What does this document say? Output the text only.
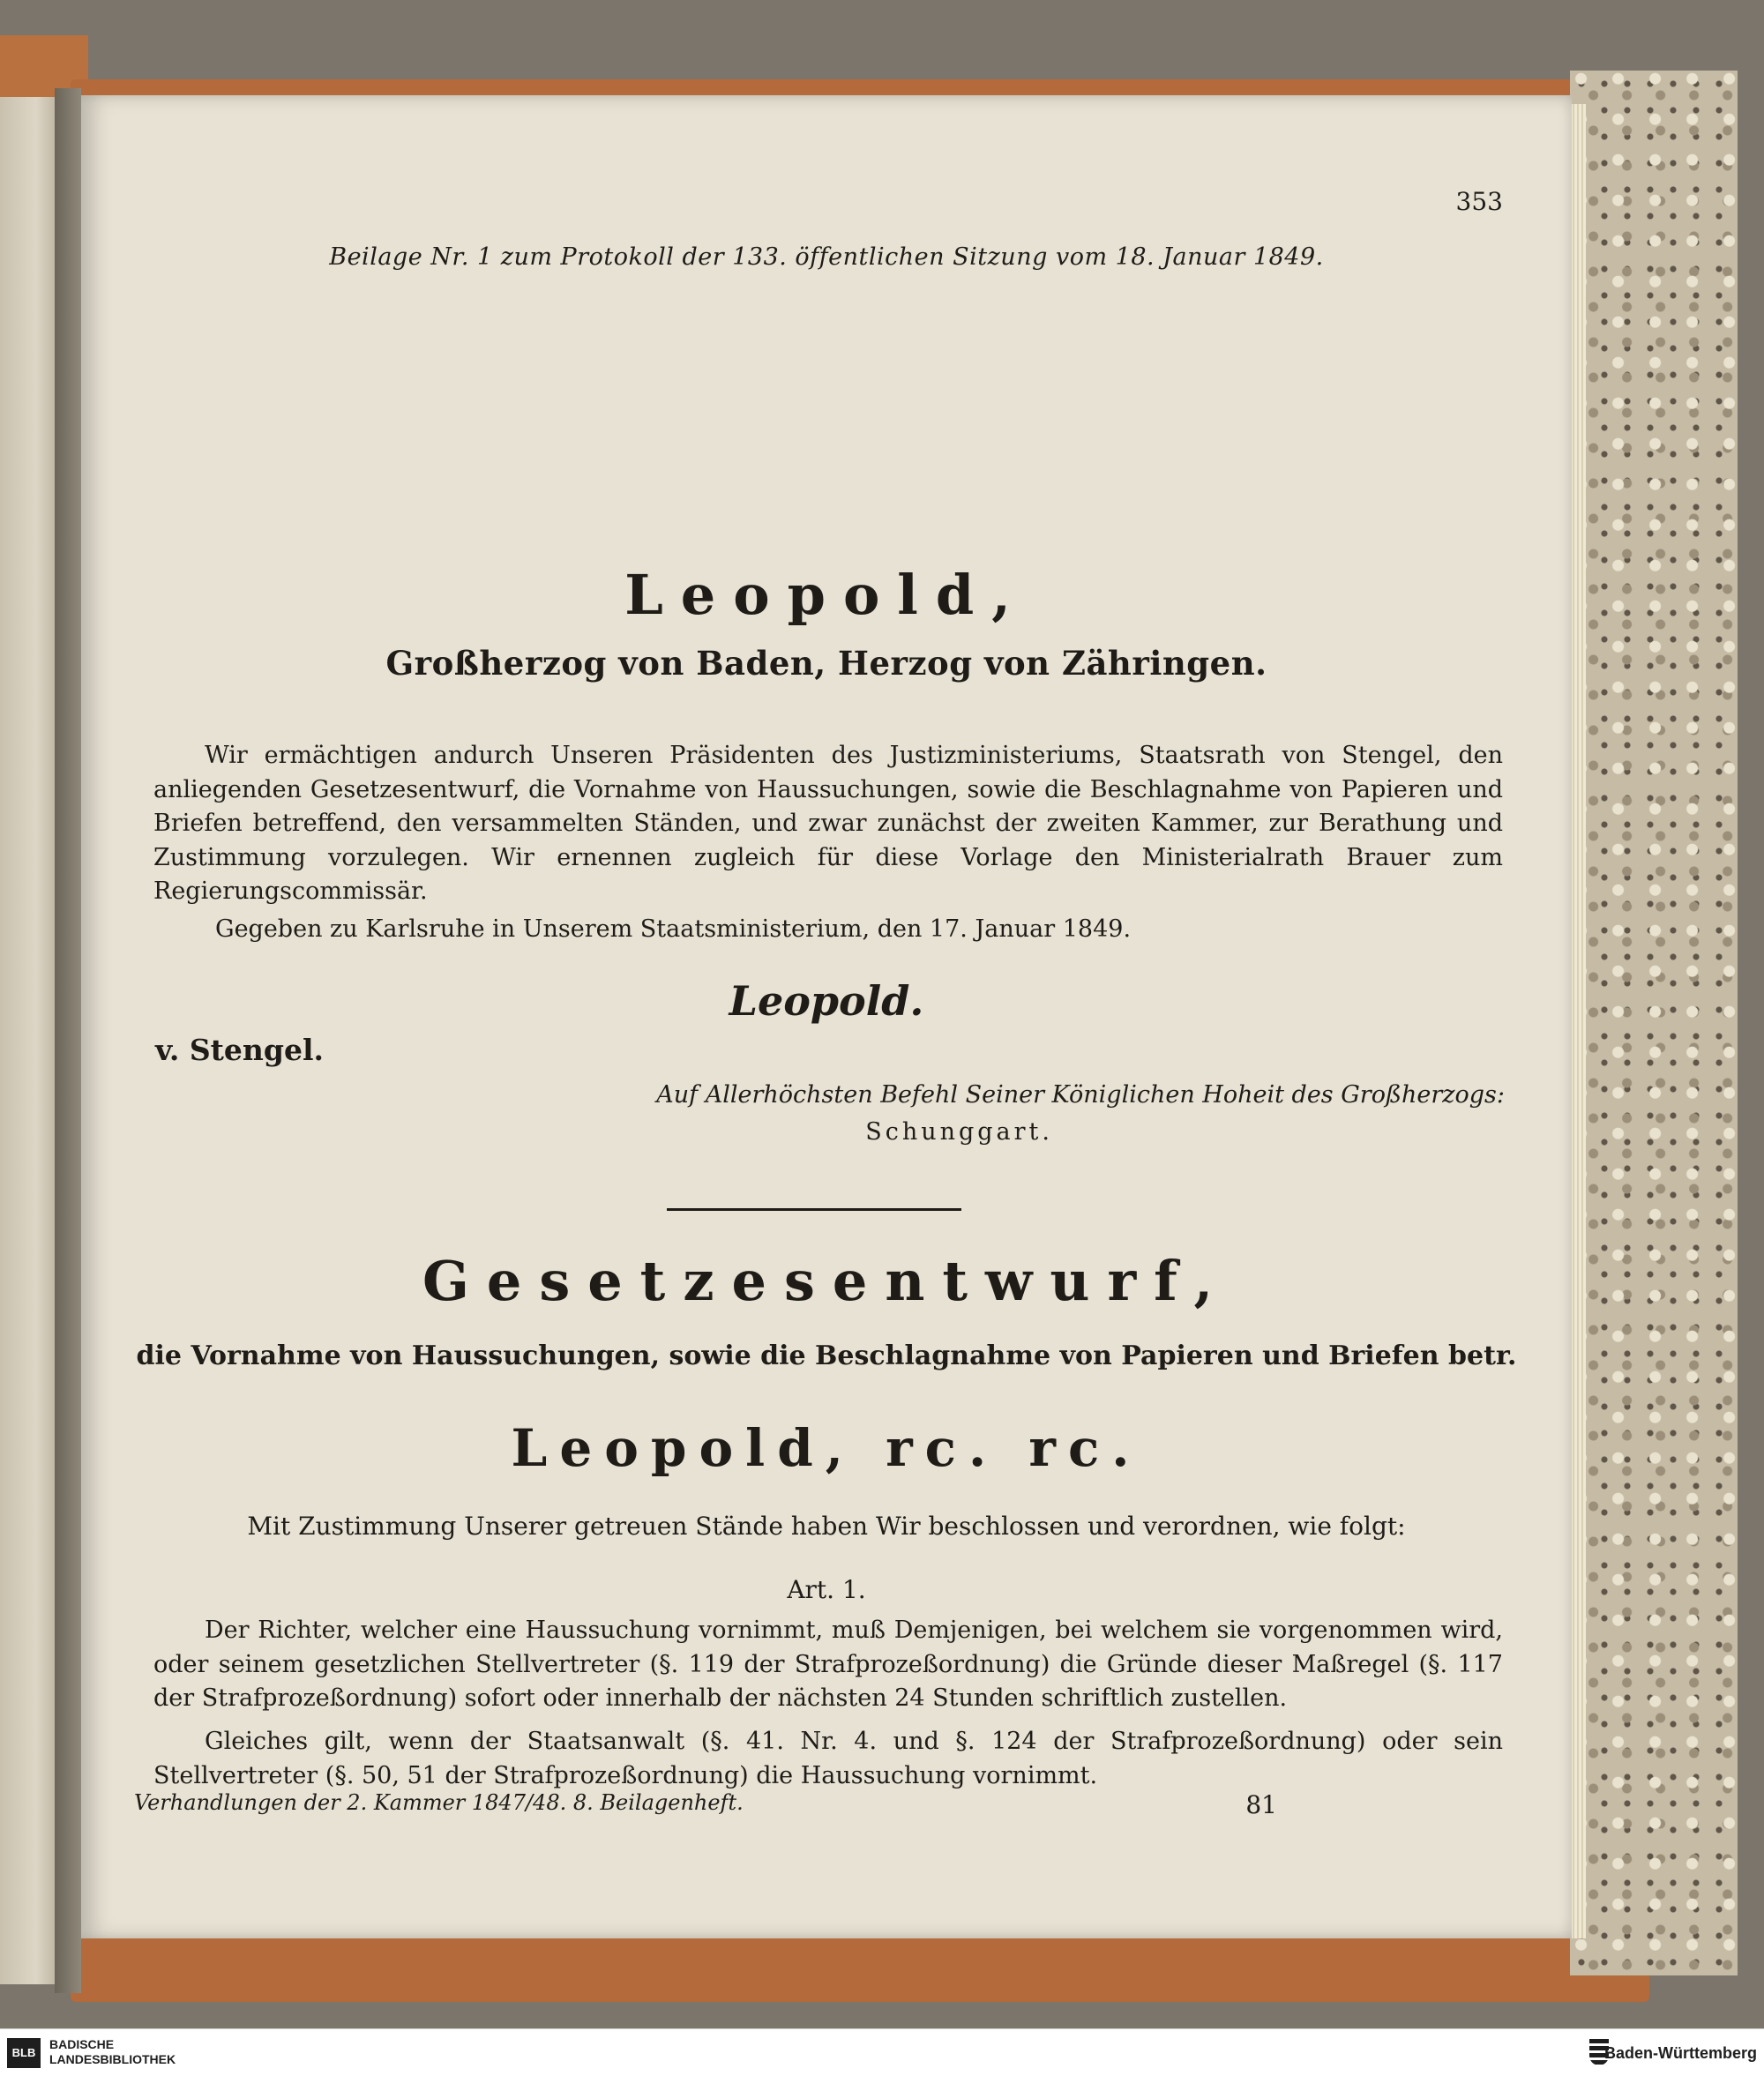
353
Beilage Nr. 1 zum Protokoll der 133. öffentlichen Sitzung vom 18. Januar 1849.
Leopold,
Großherzog von Baden, Herzog von Zähringen.
Wir ermächtigen andurch Unseren Präsidenten des Justizministeriums, Staatsrath von Stengel, den anliegenden Gesetzesentwurf, die Vornahme von Haussuchungen, sowie die Beschlagnahme von Papieren und Briefen betreffend, den versammelten Ständen, und zwar zunächst der zweiten Kammer, zur Berathung und Zustimmung vorzulegen. Wir ernennen zugleich für diese Vorlage den Ministerialrath Brauer zum Regierungscommissär.
Gegeben zu Karlsruhe in Unserem Staatsministerium, den 17. Januar 1849.
Leopold.
v. Stengel.
Auf Allerhöchsten Befehl Seiner Königlichen Hoheit des Großherzogs:
Schunggart.
Gesetzesentwurf,
die Vornahme von Haussuchungen, sowie die Beschlagnahme von Papieren und Briefen betr.
Leopold, rc. rc.
Mit Zustimmung Unserer getreuen Stände haben Wir beschlossen und verordnen, wie folgt:
Art. 1.
Der Richter, welcher eine Haussuchung vornimmt, muß Demjenigen, bei welchem sie vorgenommen wird, oder seinem gesetzlichen Stellvertreter (§. 119 der Strafprozeßordnung) die Gründe dieser Maßregel (§. 117 der Strafprozeßordnung) sofort oder innerhalb der nächsten 24 Stunden schriftlich zustellen.
Gleiches gilt, wenn der Staatsanwalt (§. 41. Nr. 4. und §. 124 der Strafprozeßordnung) oder sein Stellvertreter (§. 50, 51 der Strafprozeßordnung) die Haussuchung vornimmt.
Verhandlungen der 2. Kammer 1847/48. 8. Beilagenheft.	81
BLB
BADISCHE
LANDESBIBLIOTHEK	Baden-Württemberg
